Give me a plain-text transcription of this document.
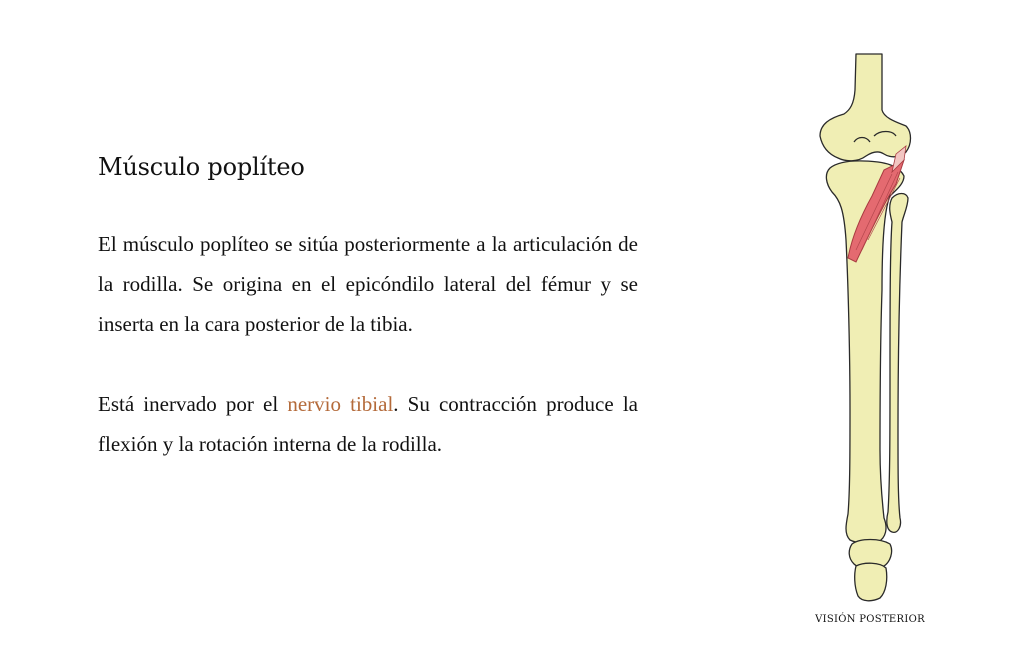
Músculo poplíteo

El músculo poplíteo se sitúa posteriormente a la articulación de la rodilla. Se origina en el epicóndilo lateral del fémur y se inserta en la cara posterior de la tibia.

Está inervado por el nervio tibial. Su contracción produce la flexión y la rotación interna de la rodilla.

VISIÓN POSTERIOR
